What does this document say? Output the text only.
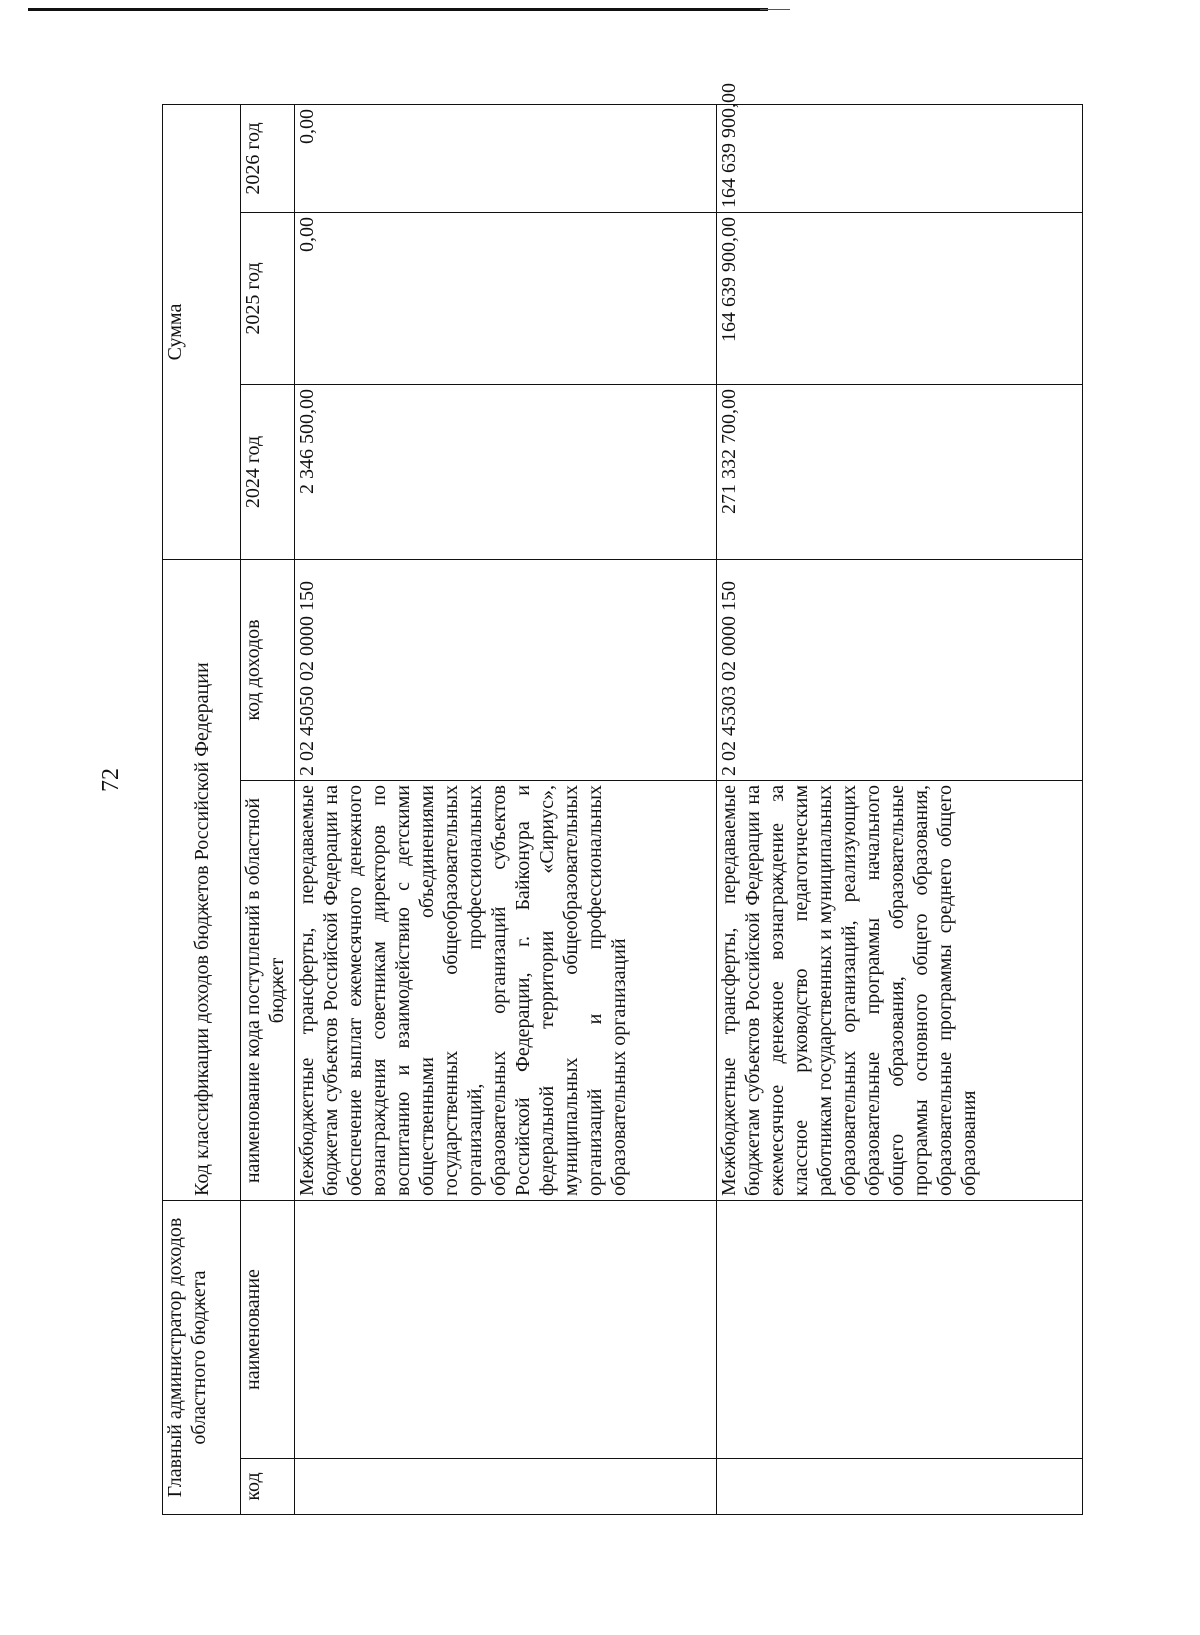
72
Главный администратор доходов областного бюджета		Код классификации доходов бюджетов Российской Федерации		Сумма		
код	наименование	наименование кода поступлений в областной бюджет	код доходов	2024 год	2025 год	2026 год
		Межбюджетные трансферты, передаваемые бюджетам субъектов Российской Федерации на обеспечение выплат ежемесячного денежного вознаграждения советникам директоров по воспитанию и взаимодействию с детскими общественными объединениями государственных общеобразовательных организаций, профессиональных образовательных организаций субъектов Российской Федерации, г. Байконура и федеральной территории «Сириус», муниципальных общеобразовательных организаций и профессиональных образовательных организаций	2 02 45050 02 0000 150	2 346 500,00	0,00	0,00
		Межбюджетные трансферты, передаваемые бюджетам субъектов Российской Федерации на ежемесячное денежное вознаграждение за классное руководство педагогическим работникам государственных и муниципальных образовательных организаций, реализующих образовательные программы начального общего образования, образовательные программы основного общего образования, образовательные программы среднего общего образования	2 02 45303 02 0000 150	271 332 700,00	164 639 900,00	164 639 900,00
